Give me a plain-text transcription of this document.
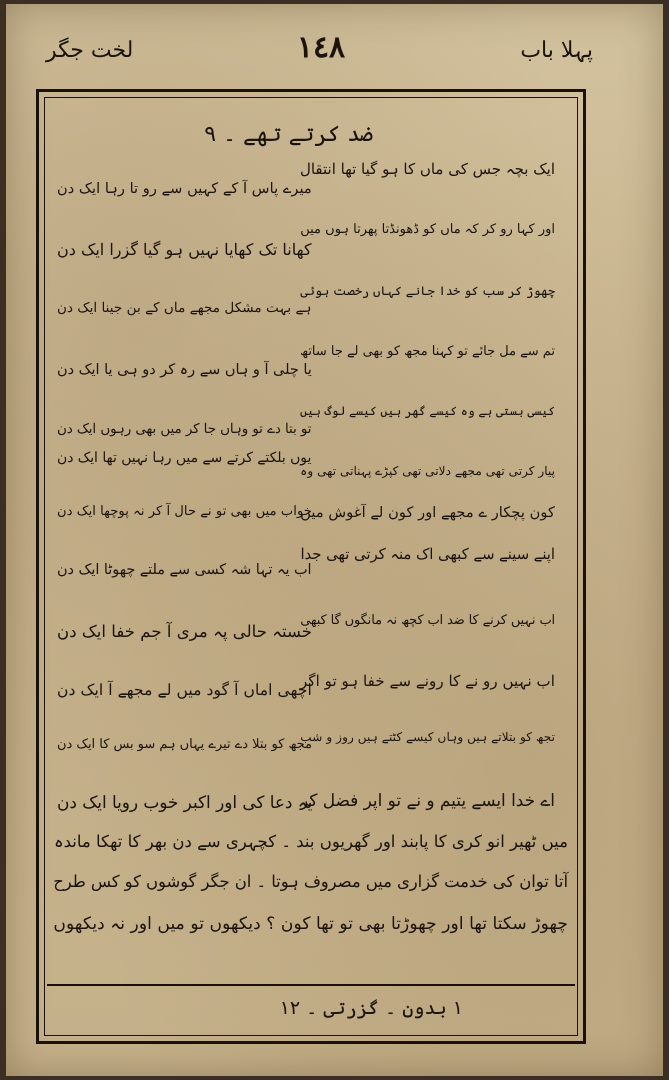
لخت جگر	١٤٨	پہلا باب
ضد کرتے تھے ۔ ۹
ایک بچہ جس کی ماں کا ہو گیا تھا انتقال
میرے پاس آ کے کہیں سے رو تا رہا ایک دن
اور کہا رو کر کہ ماں کو ڈھونڈتا پھرتا ہوں میں
کھانا تک کھایا نہیں ہو گیا گزرا ایک دن
چھوڑ کر سب کو خدا جانے کہاں رخصت ہوئی
ہے بہت مشکل مجھے ماں کے بن جینا ایک دن
تم سے مل جائے تو کہنا مجھ کو بھی لے جا ساتھ
یا چلی آ و ہاں سے رہ کر دو ہی یا ایک دن
کیسی بستی ہے وہ کیسے گھر ہیں کیسے لوگ ہیں
تو بتا دے تو وہاں جا کر میں بھی رہوں ایک دن
پیار کرتی تھی مجھے دلاتی تھی کپڑے پہناتی تھی وہ
یوں بلکتے کرتے سے میں رہا نہیں تھا ایک دن
کون پچکار ے مجھے اور کون لے آغوش میں
خواب میں بھی تو نے حال آ کر نہ پوچھا ایک دن
اپنے سینے سے کبھی اک منہ کرتی تھی جدا
اب یہ تہا شہ کسی سے ملتے چھوٹا ایک دن
اب نہیں کرنے کا ضد اب کچھ نہ مانگوں گا کبھی
خستہ حالی پہ مری آ جم خفا ایک دن
اب نہیں رو نے کا رونے سے خفا ہو تو اگر
اچھی اماں آ گود میں لے مجھے آ ایک دن
تجھ کو بتلاتے ہیں وہاں کیسے کٹتے ہیں روز و شب
مجھ کو بتلا دے تیرے یہاں ہم سو بس کا ایک دن
اے خدا ایسے یتیم و نے تو اپر فضل کر
یہ دعا کی اور اکبر خوب رویا ایک دن
میں ٹھیر انو کری کا پابند اور گھریوں بند ۔ کچہری سے دن بھر کا تھکا ماندہ
آتا توان کی خدمت گزاری میں مصروف ہوتا ۔ ان جگر گوشوں کو کس طرح
چھوڑ سکتا تھا اور چھوڑتا بھی تو تھا کون ؟ دیکھوں تو میں اور نہ دیکھوں
١ بدون ۔ گزرتی ۔ ١٢
